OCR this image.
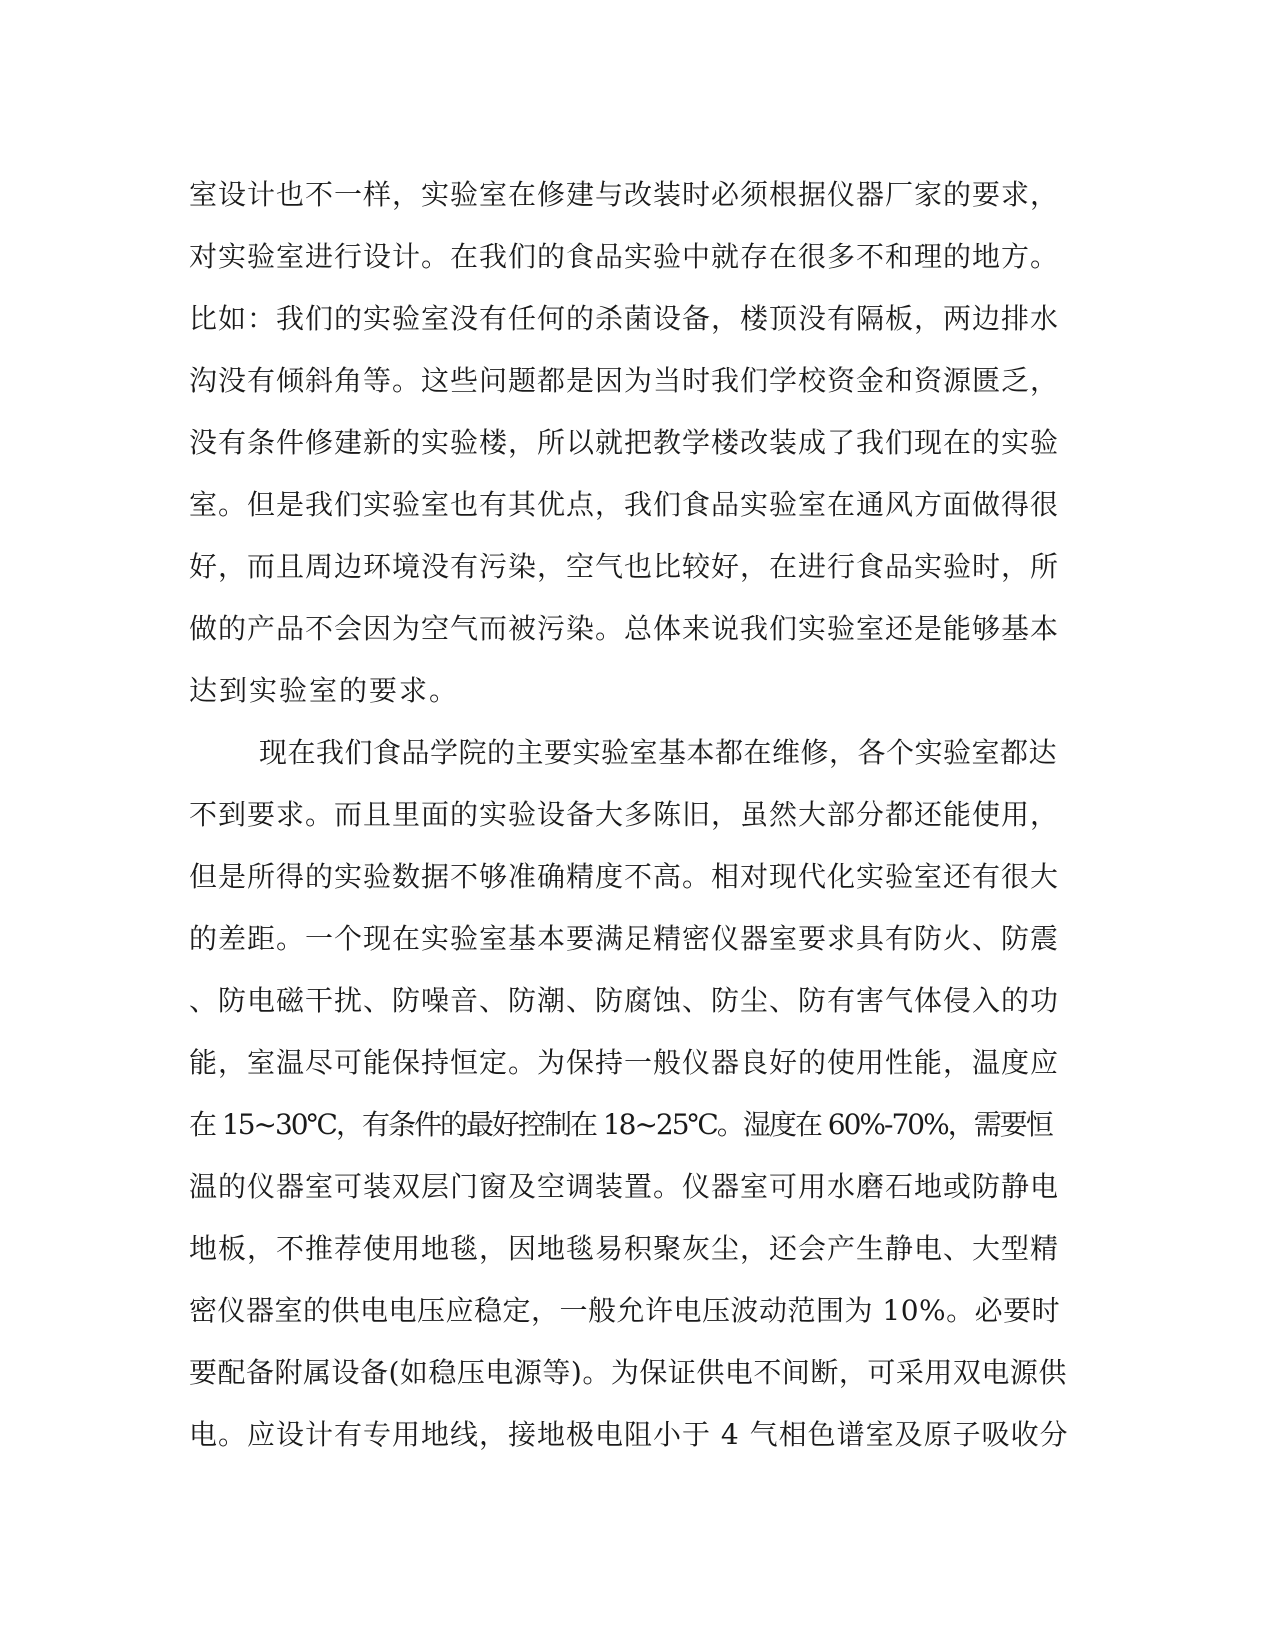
室设计也不一样，实验室在修建与改装时必须根据仪器厂家的要求，
对实验室进行设计。在我们的食品实验中就存在很多不和理的地方。
比如：我们的实验室没有任何的杀菌设备，楼顶没有隔板，两边排水
沟没有倾斜角等。这些问题都是因为当时我们学校资金和资源匮乏，
没有条件修建新的实验楼，所以就把教学楼改装成了我们现在的实验
室。但是我们实验室也有其优点，我们食品实验室在通风方面做得很
好，而且周边环境没有污染，空气也比较好，在进行食品实验时，所
做的产品不会因为空气而被污染。总体来说我们实验室还是能够基本
达到实验室的要求。
现在我们食品学院的主要实验室基本都在维修，各个实验室都达
不到要求。而且里面的实验设备大多陈旧，虽然大部分都还能使用，
但是所得的实验数据不够准确精度不高。相对现代化实验室还有很大
的差距。一个现在实验室基本要满足精密仪器室要求具有防火、防震
、防电磁干扰、防噪音、防潮、防腐蚀、防尘、防有害气体侵入的功
能，室温尽可能保持恒定。为保持一般仪器良好的使用性能，温度应
在 15~30℃，有条件的最好控制在 18~25℃。湿度在 60%-70%，需要恒
温的仪器室可装双层门窗及空调装置。仪器室可用水磨石地或防静电
地板，不推荐使用地毯，因地毯易积聚灰尘，还会产生静电、大型精
密仪器室的供电电压应稳定，一般允许电压波动范围为 10%。必要时
要配备附属设备(如稳压电源等)。为保证供电不间断，可采用双电源供
电。应设计有专用地线，接地极电阻小于 4 气相色谱室及原子吸收分
